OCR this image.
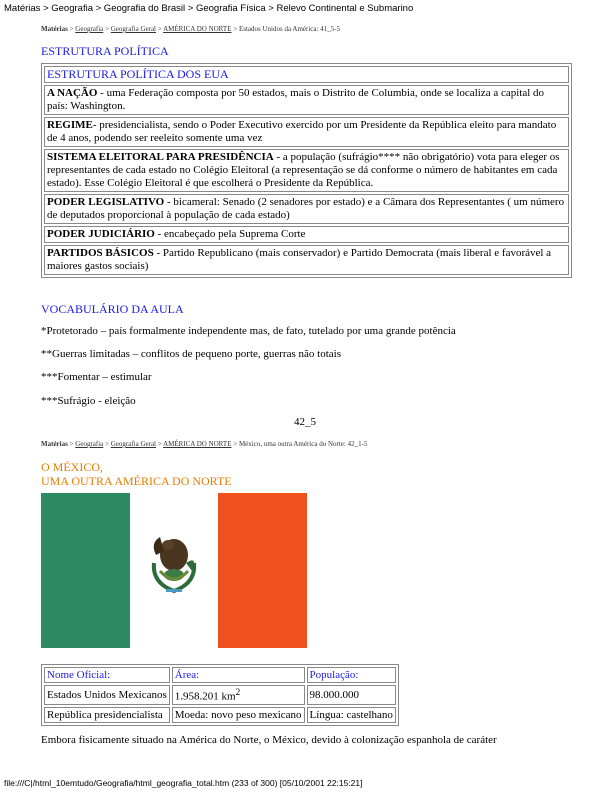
Matérias > Geografia > Geografia do Brasil > Geografia Física > Relevo Continental e Submarino
Matérias > Geografia > Geografia Geral > AMÉRICA DO NORTE > Estados Unidos da América: 41_5-5
ESTRUTURA POLÍTICA
ESTRUTURA POLÍTICA DOS EUA
A NAÇÃO - uma Federação composta por 50 estados, mais o Distrito de Columbia, onde se localiza a capital do país: Washington.
REGIME- presidencialista, sendo o Poder Executivo exercido por um Presidente da República eleito para mandato de 4 anos, podendo ser reeleito somente uma vez
SISTEMA ELEITORAL PARA PRESIDÊNCIA - a população (sufrágio**** não obrigatório) vota para eleger os representantes de cada estado no Colégio Eleitoral (a representação se dá conforme o número de habitantes em cada estado). Esse Colégio Eleitoral é que escolherá o Presidente da República.
PODER LEGISLATIVO - bicameral: Senado (2 senadores por estado) e a Câmara dos Representantes ( um número de deputados proporcional à população de cada estado)
PODER JUDICIÁRIO - encabeçado pela Suprema Corte
PARTIDOS BÁSICOS - Partido Republicano (mais conservador) e Partido Democrata (mais liberal e favorável a maiores gastos sociais)
VOCABULÁRIO DA AULA
*Protetorado – país formalmente independente mas, de fato, tutelado por uma grande potência
**Guerras limitadas – conflitos de pequeno porte, guerras não totais
***Fomentar – estimular
***Sufrágio - eleição
42_5
Matérias > Geografia > Geografia Geral > AMÉRICA DO NORTE > México, uma outra América do Norte: 42_1-5
O MÉXICO,
UMA OUTRA AMÉRICA DO NORTE
Nome Oficial:	Área:	População:
Estados Unidos Mexicanos	1.958.201 $km^2$	98.000.000
República presidencialista	Moeda: novo peso mexicano	Língua: castelhano
Embora fisicamente situado na América do Norte, o México, devido à colonização espanhola de caráter
file:///C|/html_10emtudo/Geografia/html_geografia_total.htm (233 of 300) [05/10/2001 22:15:21]
